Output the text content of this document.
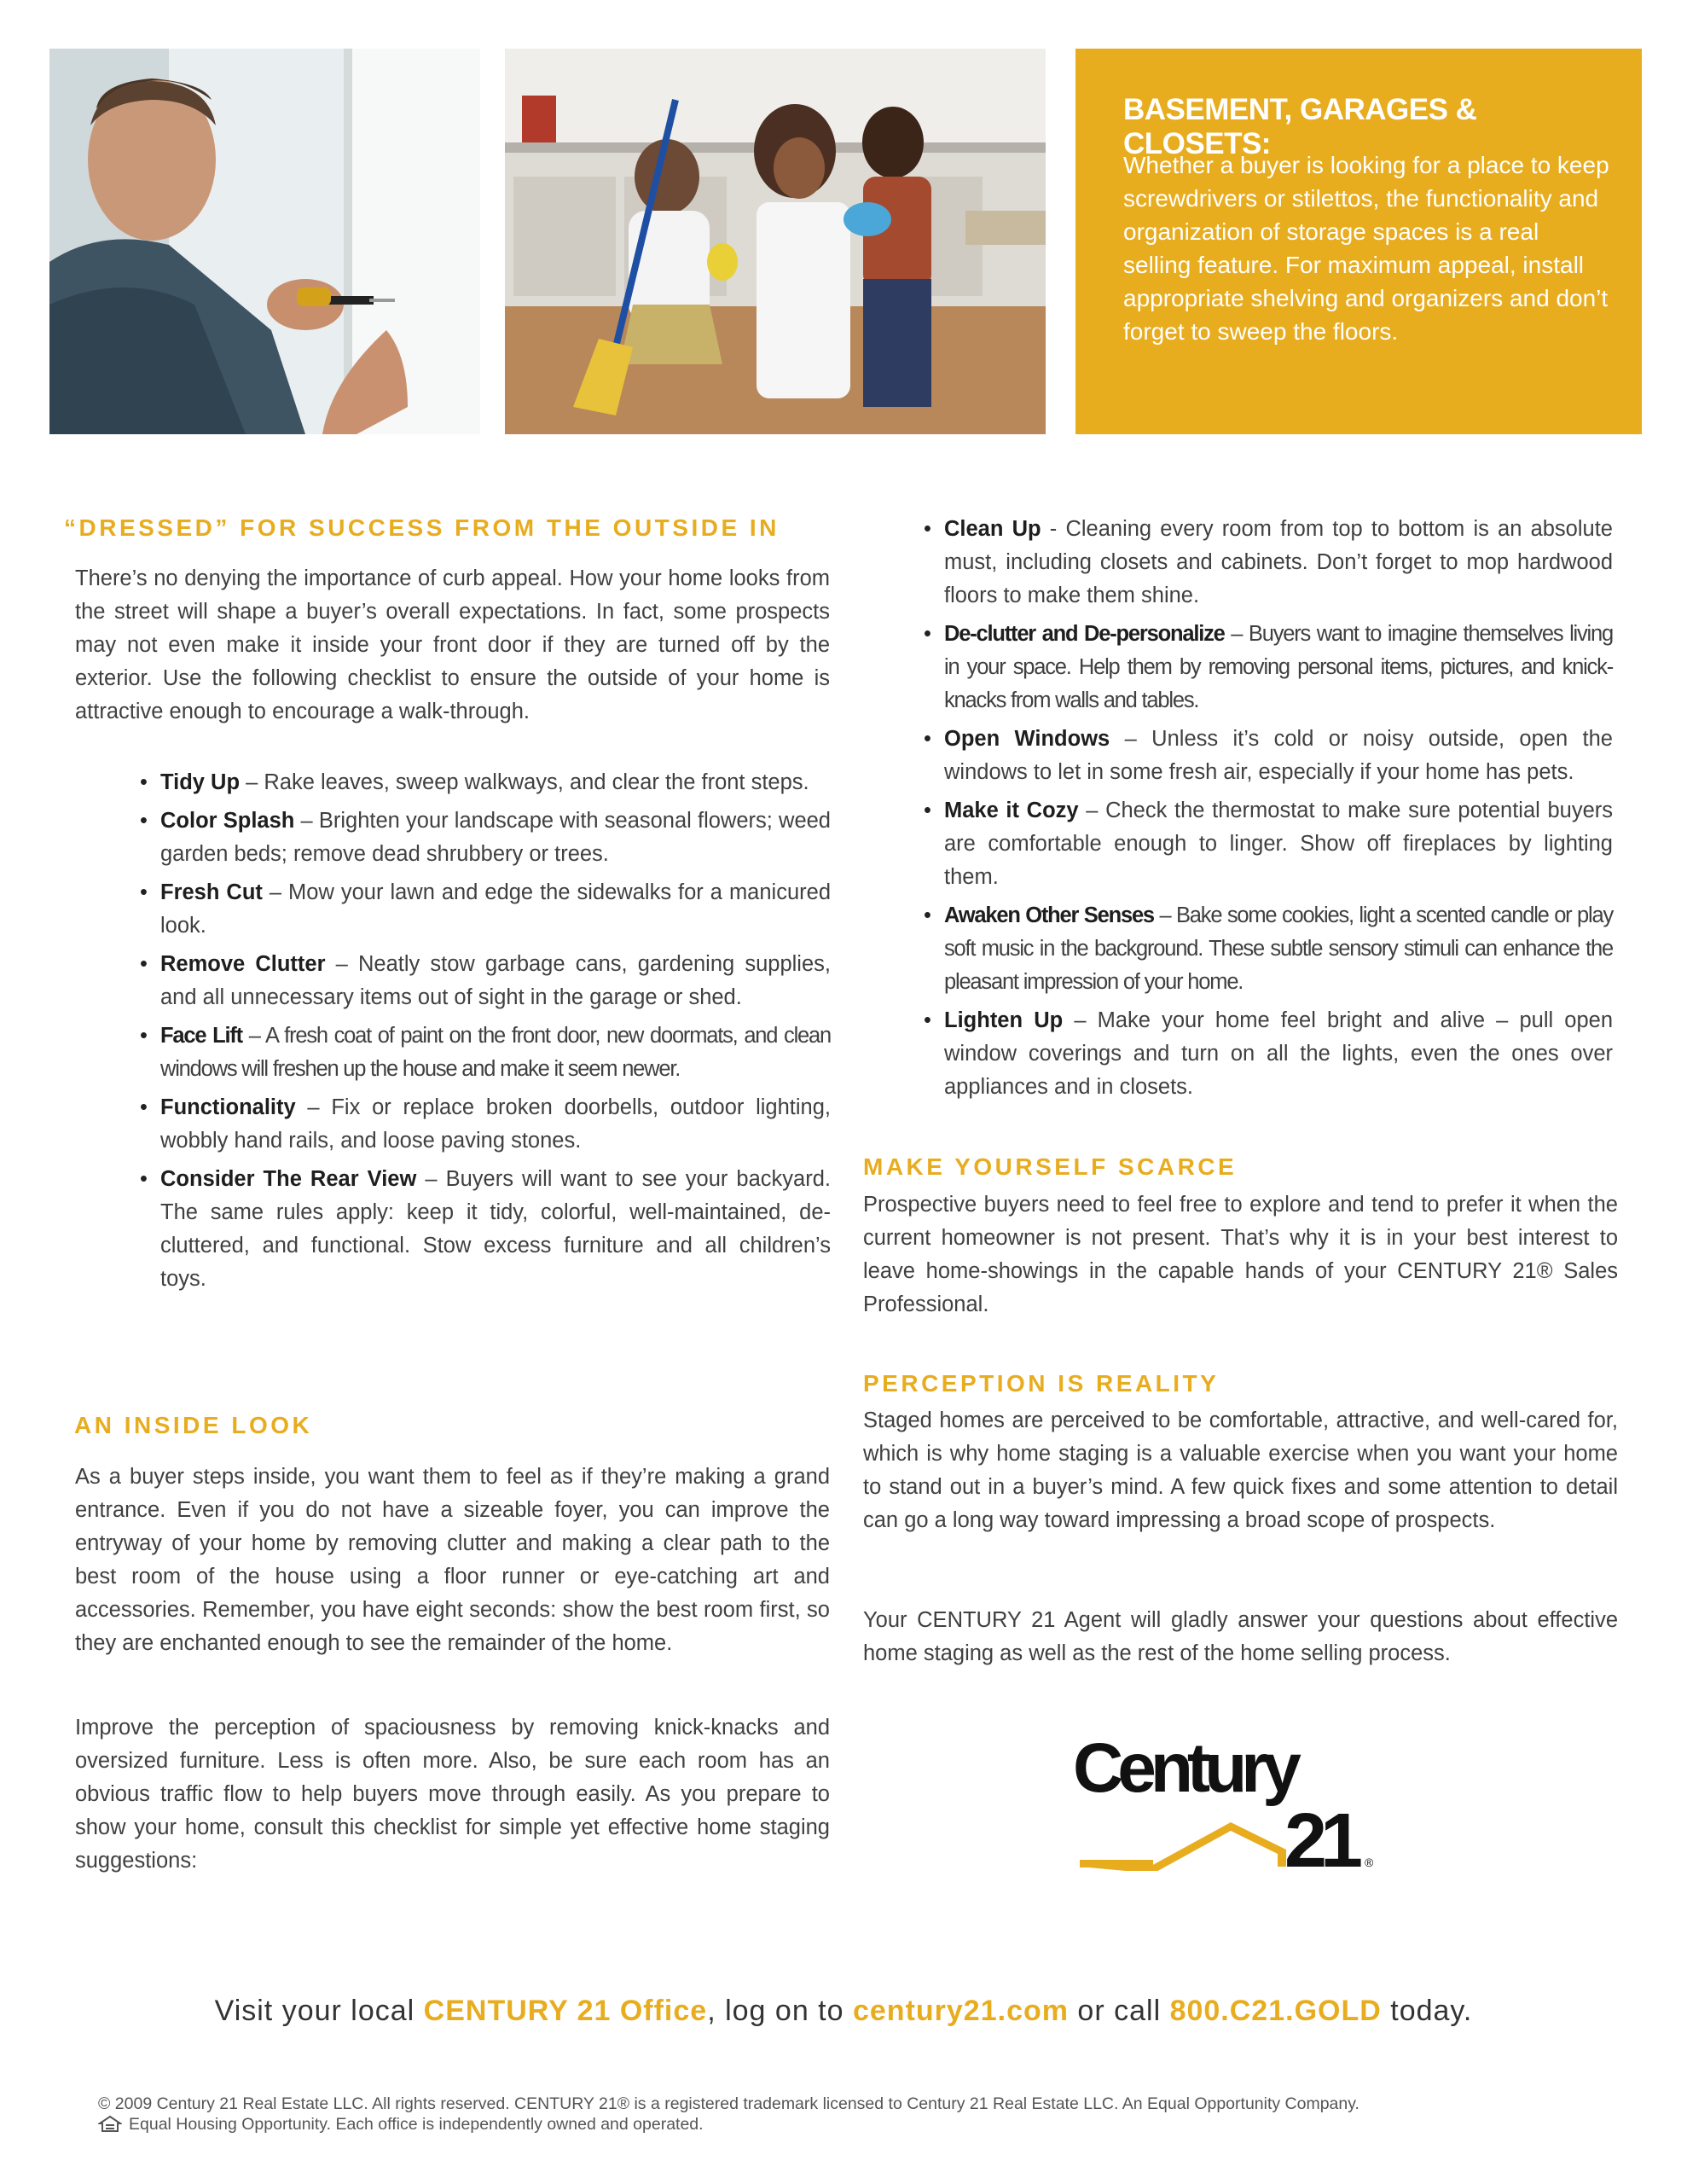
BASEMENT, GARAGES & CLOSETS:
Whether a buyer is looking for a place to keep screwdrivers or stilettos, the functionality and organization of storage spaces is a real selling feature. For maximum appeal, install appropriate shelving and organizers and don’t forget to sweep the floors.
“DRESSED” FOR SUCCESS FROM THE OUTSIDE IN
There’s no denying the importance of curb appeal. How your home looks from the street will shape a buyer’s overall expectations. In fact, some prospects may not even make it inside your front door if they are turned off by the exterior. Use the following checklist to ensure the outside of your home is attractive enough to encourage a walk-through.
• Tidy Up – Rake leaves, sweep walkways, and clear the front steps.
• Color Splash – Brighten your landscape with seasonal flowers; weed garden beds; remove dead shrubbery or trees.
• Fresh Cut – Mow your lawn and edge the sidewalks for a manicured look.
• Remove Clutter – Neatly stow garbage cans, gardening supplies, and all unnecessary items out of sight in the garage or shed.
• Face Lift – A fresh coat of paint on the front door, new doormats, and clean windows will freshen up the house and make it seem newer.
• Functionality – Fix or replace broken doorbells, outdoor lighting, wobbly hand rails, and loose paving stones.
• Consider The Rear View – Buyers will want to see your backyard. The same rules apply: keep it tidy, colorful, well-maintained, de-cluttered, and functional. Stow excess furniture and all children’s toys.
AN INSIDE LOOK
As a buyer steps inside, you want them to feel as if they’re making a grand entrance. Even if you do not have a sizeable foyer, you can improve the entryway of your home by removing clutter and making a clear path to the best room of the house using a floor runner or eye-catching art and accessories. Remember, you have eight seconds: show the best room first, so they are enchanted enough to see the remainder of the home.
Improve the perception of spaciousness by removing knick-knacks and oversized furniture. Less is often more. Also, be sure each room has an obvious traffic flow to help buyers move through easily. As you prepare to show your home, consult this checklist for simple yet effective home staging suggestions:
• Clean Up - Cleaning every room from top to bottom is an absolute must, including closets and cabinets. Don’t forget to mop hardwood floors to make them shine.
• De-clutter and De-personalize – Buyers want to imagine themselves living in your space. Help them by removing personal items, pictures, and knick-knacks from walls and tables.
• Open Windows – Unless it’s cold or noisy outside, open the windows to let in some fresh air, especially if your home has pets.
• Make it Cozy – Check the thermostat to make sure potential buyers are comfortable enough to linger. Show off fireplaces by lighting them.
• Awaken Other Senses – Bake some cookies, light a scented candle or play soft music in the background. These subtle sensory stimuli can enhance the pleasant impression of your home.
• Lighten Up – Make your home feel bright and alive – pull open window coverings and turn on all the lights, even the ones over appliances and in closets.
MAKE YOURSELF SCARCE
Prospective buyers need to feel free to explore and tend to prefer it when the current homeowner is not present. That’s why it is in your best interest to leave home-showings in the capable hands of your CENTURY 21® Sales Professional.
PERCEPTION IS REALITY
Staged homes are perceived to be comfortable, attractive, and well-cared for, which is why home staging is a valuable exercise when you want your home to stand out in a buyer’s mind. A few quick fixes and some attention to detail can go a long way toward impressing a broad scope of prospects.
Your CENTURY 21 Agent will gladly answer your questions about effective home staging as well as the rest of the home selling process.
Century
21 ®
Visit your local CENTURY 21 Office, log on to century21.com or call 800.C21.GOLD today.
© 2009 Century 21 Real Estate LLC. All rights reserved. CENTURY 21® is a registered trademark licensed to Century 21 Real Estate LLC. An Equal Opportunity Company.
Equal Housing Opportunity. Each office is independently owned and operated.
